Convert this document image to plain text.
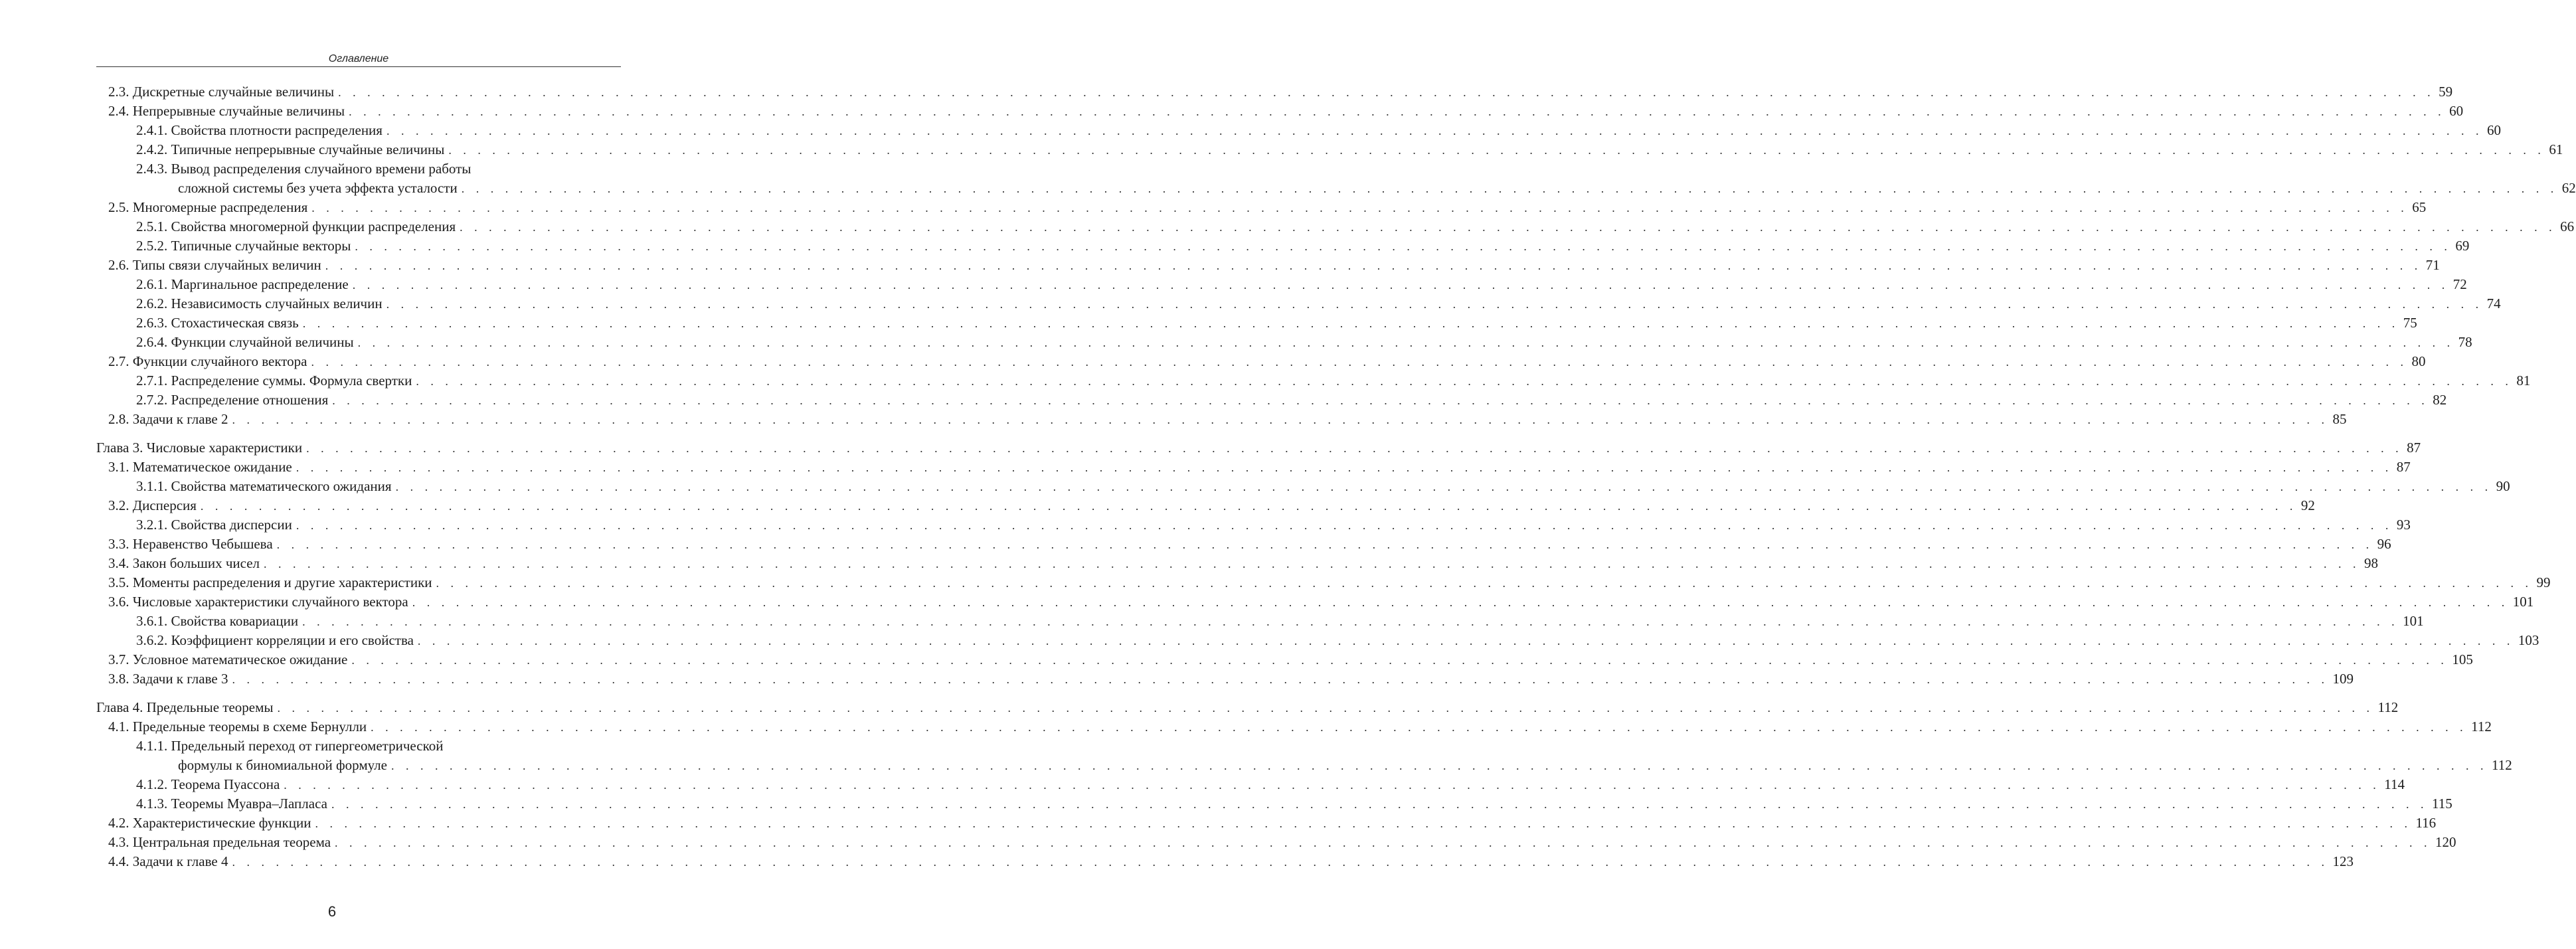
Оглавление
2.3. Дискретные случайные величины . . . . . . . . . . . . . . . . . . . . . . . . . . . . . . . . . . . . . . . . . . . . . . . . . . . . . . . . . . . . . . . . . . . . . . . . . . . . . . . . . . . . . . . . . . . . . . . . . . . . . . . . . . . . . . . . . . . . . . . . . . . . . . . . . . . . . . . . . . . . . . . . 59
2.4. Непрерывные случайные величины . . . . . . . . . . . . . . . . . . . . . . . . . . . . . . . . . . . . . . . . . . . . . . . . . . . . . . . . . . . . . . . . . . . . . . . . . . . . . . . . . . . . . . . . . . . . . . . . . . . . . . . . . . . . . . . . . . . . . . . . . . . . . . . . . . . . . . . . . . . . . . . . 60
2.4.1. Свойства плотности распределения . . . . . . . . . . . . . . . . . . . . . . . . . . . . . . . . . . . . . . . . . . . . . . . . . . . . . . . . . . . . . . . . . . . . . . . . . . . . . . . . . . . . . . . . . . . . . . . . . . . . . . . . . . . . . . . . . . . . . . . . . . . . . . . . . . . . . . . . . . . . . . . . 60
2.4.2. Типичные непрерывные случайные величины . . . . . . . . . . . . . . . . . . . . . . . . . . . . . . . . . . . . . . . . . . . . . . . . . . . . . . . . . . . . . . . . . . . . . . . . . . . . . . . . . . . . . . . . . . . . . . . . . . . . . . . . . . . . . . . . . . . . . . . . . . . . . . . . . . . . . . . . . . . . . . . . 61
2.4.3. Вывод распределения случайного времени работы
сложной системы без учета эффекта усталости . . . . . . . . . . . . . . . . . . . . . . . . . . . . . . . . . . . . . . . . . . . . . . . . . . . . . . . . . . . . . . . . . . . . . . . . . . . . . . . . . . . . . . . . . . . . . . . . . . . . . . . . . . . . . . . . . . . . . . . . . . . . . . . . . . . . . . . . . . . . . . . . 62
2.5. Многомерные распределения . . . . . . . . . . . . . . . . . . . . . . . . . . . . . . . . . . . . . . . . . . . . . . . . . . . . . . . . . . . . . . . . . . . . . . . . . . . . . . . . . . . . . . . . . . . . . . . . . . . . . . . . . . . . . . . . . . . . . . . . . . . . . . . . . . . . . . . . . . . . . . . . 65
2.5.1. Свойства многомерной функции распределения . . . . . . . . . . . . . . . . . . . . . . . . . . . . . . . . . . . . . . . . . . . . . . . . . . . . . . . . . . . . . . . . . . . . . . . . . . . . . . . . . . . . . . . . . . . . . . . . . . . . . . . . . . . . . . . . . . . . . . . . . . . . . . . . . . . . . . . . . . . . . . . . 66
2.5.2. Типичные случайные векторы . . . . . . . . . . . . . . . . . . . . . . . . . . . . . . . . . . . . . . . . . . . . . . . . . . . . . . . . . . . . . . . . . . . . . . . . . . . . . . . . . . . . . . . . . . . . . . . . . . . . . . . . . . . . . . . . . . . . . . . . . . . . . . . . . . . . . . . . . . . . . . . . 69
2.6. Типы связи случайных величин . . . . . . . . . . . . . . . . . . . . . . . . . . . . . . . . . . . . . . . . . . . . . . . . . . . . . . . . . . . . . . . . . . . . . . . . . . . . . . . . . . . . . . . . . . . . . . . . . . . . . . . . . . . . . . . . . . . . . . . . . . . . . . . . . . . . . . . . . . . . . . . . 71
2.6.1. Маргинальное распределение . . . . . . . . . . . . . . . . . . . . . . . . . . . . . . . . . . . . . . . . . . . . . . . . . . . . . . . . . . . . . . . . . . . . . . . . . . . . . . . . . . . . . . . . . . . . . . . . . . . . . . . . . . . . . . . . . . . . . . . . . . . . . . . . . . . . . . . . . . . . . . . . 72
2.6.2. Независимость случайных величин . . . . . . . . . . . . . . . . . . . . . . . . . . . . . . . . . . . . . . . . . . . . . . . . . . . . . . . . . . . . . . . . . . . . . . . . . . . . . . . . . . . . . . . . . . . . . . . . . . . . . . . . . . . . . . . . . . . . . . . . . . . . . . . . . . . . . . . . . . . . . . . . 74
2.6.3. Стохастическая связь . . . . . . . . . . . . . . . . . . . . . . . . . . . . . . . . . . . . . . . . . . . . . . . . . . . . . . . . . . . . . . . . . . . . . . . . . . . . . . . . . . . . . . . . . . . . . . . . . . . . . . . . . . . . . . . . . . . . . . . . . . . . . . . . . . . . . . . . . . . . . . . . 75
2.6.4. Функции случайной величины . . . . . . . . . . . . . . . . . . . . . . . . . . . . . . . . . . . . . . . . . . . . . . . . . . . . . . . . . . . . . . . . . . . . . . . . . . . . . . . . . . . . . . . . . . . . . . . . . . . . . . . . . . . . . . . . . . . . . . . . . . . . . . . . . . . . . . . . . . . . . . . . 78
2.7. Функции случайного вектора . . . . . . . . . . . . . . . . . . . . . . . . . . . . . . . . . . . . . . . . . . . . . . . . . . . . . . . . . . . . . . . . . . . . . . . . . . . . . . . . . . . . . . . . . . . . . . . . . . . . . . . . . . . . . . . . . . . . . . . . . . . . . . . . . . . . . . . . . . . . . . . . 80
2.7.1. Распределение суммы. Формула свертки . . . . . . . . . . . . . . . . . . . . . . . . . . . . . . . . . . . . . . . . . . . . . . . . . . . . . . . . . . . . . . . . . . . . . . . . . . . . . . . . . . . . . . . . . . . . . . . . . . . . . . . . . . . . . . . . . . . . . . . . . . . . . . . . . . . . . . . . . . . . . . . . 81
2.7.2. Распределение отношения . . . . . . . . . . . . . . . . . . . . . . . . . . . . . . . . . . . . . . . . . . . . . . . . . . . . . . . . . . . . . . . . . . . . . . . . . . . . . . . . . . . . . . . . . . . . . . . . . . . . . . . . . . . . . . . . . . . . . . . . . . . . . . . . . . . . . . . . . . . . . . . . 82
2.8. Задачи к главе 2 . . . . . . . . . . . . . . . . . . . . . . . . . . . . . . . . . . . . . . . . . . . . . . . . . . . . . . . . . . . . . . . . . . . . . . . . . . . . . . . . . . . . . . . . . . . . . . . . . . . . . . . . . . . . . . . . . . . . . . . . . . . . . . . . . . . . . . . . . . . . . . . . 85
Глава 3. Числовые характеристики . . . . . . . . . . . . . . . . . . . . . . . . . . . . . . . . . . . . . . . . . . . . . . . . . . . . . . . . . . . . . . . . . . . . . . . . . . . . . . . . . . . . . . . . . . . . . . . . . . . . . . . . . . . . . . . . . . . . . . . . . . . . . . . . . . . . . . . . . . . . . . . . 87
3.1. Математическое ожидание . . . . . . . . . . . . . . . . . . . . . . . . . . . . . . . . . . . . . . . . . . . . . . . . . . . . . . . . . . . . . . . . . . . . . . . . . . . . . . . . . . . . . . . . . . . . . . . . . . . . . . . . . . . . . . . . . . . . . . . . . . . . . . . . . . . . . . . . . . . . . . . . 87
3.1.1. Свойства математического ожидания . . . . . . . . . . . . . . . . . . . . . . . . . . . . . . . . . . . . . . . . . . . . . . . . . . . . . . . . . . . . . . . . . . . . . . . . . . . . . . . . . . . . . . . . . . . . . . . . . . . . . . . . . . . . . . . . . . . . . . . . . . . . . . . . . . . . . . . . . . . . . . . . 90
3.2. Дисперсия . . . . . . . . . . . . . . . . . . . . . . . . . . . . . . . . . . . . . . . . . . . . . . . . . . . . . . . . . . . . . . . . . . . . . . . . . . . . . . . . . . . . . . . . . . . . . . . . . . . . . . . . . . . . . . . . . . . . . . . . . . . . . . . . . . . . . . . . . . . . . . . . 92
3.2.1. Свойства дисперсии . . . . . . . . . . . . . . . . . . . . . . . . . . . . . . . . . . . . . . . . . . . . . . . . . . . . . . . . . . . . . . . . . . . . . . . . . . . . . . . . . . . . . . . . . . . . . . . . . . . . . . . . . . . . . . . . . . . . . . . . . . . . . . . . . . . . . . . . . . . . . . . . 93
3.3. Неравенство Чебышева . . . . . . . . . . . . . . . . . . . . . . . . . . . . . . . . . . . . . . . . . . . . . . . . . . . . . . . . . . . . . . . . . . . . . . . . . . . . . . . . . . . . . . . . . . . . . . . . . . . . . . . . . . . . . . . . . . . . . . . . . . . . . . . . . . . . . . . . . . . . . . . . 96
3.4. Закон больших чисел . . . . . . . . . . . . . . . . . . . . . . . . . . . . . . . . . . . . . . . . . . . . . . . . . . . . . . . . . . . . . . . . . . . . . . . . . . . . . . . . . . . . . . . . . . . . . . . . . . . . . . . . . . . . . . . . . . . . . . . . . . . . . . . . . . . . . . . . . . . . . . . . 98
3.5. Моменты распределения и другие характеристики . . . . . . . . . . . . . . . . . . . . . . . . . . . . . . . . . . . . . . . . . . . . . . . . . . . . . . . . . . . . . . . . . . . . . . . . . . . . . . . . . . . . . . . . . . . . . . . . . . . . . . . . . . . . . . . . . . . . . . . . . . . . . . . . . . . . . . . . . . . . . . . . 99
3.6. Числовые характеристики случайного вектора . . . . . . . . . . . . . . . . . . . . . . . . . . . . . . . . . . . . . . . . . . . . . . . . . . . . . . . . . . . . . . . . . . . . . . . . . . . . . . . . . . . . . . . . . . . . . . . . . . . . . . . . . . . . . . . . . . . . . . . . . . . . . . . . . . . . . . . . . . . . . . . . 101
3.6.1. Свойства ковариации . . . . . . . . . . . . . . . . . . . . . . . . . . . . . . . . . . . . . . . . . . . . . . . . . . . . . . . . . . . . . . . . . . . . . . . . . . . . . . . . . . . . . . . . . . . . . . . . . . . . . . . . . . . . . . . . . . . . . . . . . . . . . . . . . . . . . . . . . . . . . . . . 101
3.6.2. Коэффициент корреляции и его свойства . . . . . . . . . . . . . . . . . . . . . . . . . . . . . . . . . . . . . . . . . . . . . . . . . . . . . . . . . . . . . . . . . . . . . . . . . . . . . . . . . . . . . . . . . . . . . . . . . . . . . . . . . . . . . . . . . . . . . . . . . . . . . . . . . . . . . . . . . . . . . . . . 103
3.7. Условное математическое ожидание . . . . . . . . . . . . . . . . . . . . . . . . . . . . . . . . . . . . . . . . . . . . . . . . . . . . . . . . . . . . . . . . . . . . . . . . . . . . . . . . . . . . . . . . . . . . . . . . . . . . . . . . . . . . . . . . . . . . . . . . . . . . . . . . . . . . . . . . . . . . . . . . 105
3.8. Задачи к главе 3 . . . . . . . . . . . . . . . . . . . . . . . . . . . . . . . . . . . . . . . . . . . . . . . . . . . . . . . . . . . . . . . . . . . . . . . . . . . . . . . . . . . . . . . . . . . . . . . . . . . . . . . . . . . . . . . . . . . . . . . . . . . . . . . . . . . . . . . . . . . . . . . . 109
Глава 4. Предельные теоремы . . . . . . . . . . . . . . . . . . . . . . . . . . . . . . . . . . . . . . . . . . . . . . . . . . . . . . . . . . . . . . . . . . . . . . . . . . . . . . . . . . . . . . . . . . . . . . . . . . . . . . . . . . . . . . . . . . . . . . . . . . . . . . . . . . . . . . . . . . . . . . . . 112
4.1. Предельные теоремы в схеме Бернулли . . . . . . . . . . . . . . . . . . . . . . . . . . . . . . . . . . . . . . . . . . . . . . . . . . . . . . . . . . . . . . . . . . . . . . . . . . . . . . . . . . . . . . . . . . . . . . . . . . . . . . . . . . . . . . . . . . . . . . . . . . . . . . . . . . . . . . . . . . . . . . . . 112
4.1.1. Предельный переход от гипергеометрической
формулы к биномиальной формуле . . . . . . . . . . . . . . . . . . . . . . . . . . . . . . . . . . . . . . . . . . . . . . . . . . . . . . . . . . . . . . . . . . . . . . . . . . . . . . . . . . . . . . . . . . . . . . . . . . . . . . . . . . . . . . . . . . . . . . . . . . . . . . . . . . . . . . . . . . . . . . . . 112
4.1.2. Теорема Пуассона . . . . . . . . . . . . . . . . . . . . . . . . . . . . . . . . . . . . . . . . . . . . . . . . . . . . . . . . . . . . . . . . . . . . . . . . . . . . . . . . . . . . . . . . . . . . . . . . . . . . . . . . . . . . . . . . . . . . . . . . . . . . . . . . . . . . . . . . . . . . . . . . 114
4.1.3. Теоремы Муавра–Лапласа . . . . . . . . . . . . . . . . . . . . . . . . . . . . . . . . . . . . . . . . . . . . . . . . . . . . . . . . . . . . . . . . . . . . . . . . . . . . . . . . . . . . . . . . . . . . . . . . . . . . . . . . . . . . . . . . . . . . . . . . . . . . . . . . . . . . . . . . . . . . . . . . 115
4.2. Характеристические функции . . . . . . . . . . . . . . . . . . . . . . . . . . . . . . . . . . . . . . . . . . . . . . . . . . . . . . . . . . . . . . . . . . . . . . . . . . . . . . . . . . . . . . . . . . . . . . . . . . . . . . . . . . . . . . . . . . . . . . . . . . . . . . . . . . . . . . . . . . . . . . . . 116
4.3. Центральная предельная теорема . . . . . . . . . . . . . . . . . . . . . . . . . . . . . . . . . . . . . . . . . . . . . . . . . . . . . . . . . . . . . . . . . . . . . . . . . . . . . . . . . . . . . . . . . . . . . . . . . . . . . . . . . . . . . . . . . . . . . . . . . . . . . . . . . . . . . . . . . . . . . . . . 120
4.4. Задачи к главе 4 . . . . . . . . . . . . . . . . . . . . . . . . . . . . . . . . . . . . . . . . . . . . . . . . . . . . . . . . . . . . . . . . . . . . . . . . . . . . . . . . . . . . . . . . . . . . . . . . . . . . . . . . . . . . . . . . . . . . . . . . . . . . . . . . . . . . . . . . . . . . . . . . 123
6
